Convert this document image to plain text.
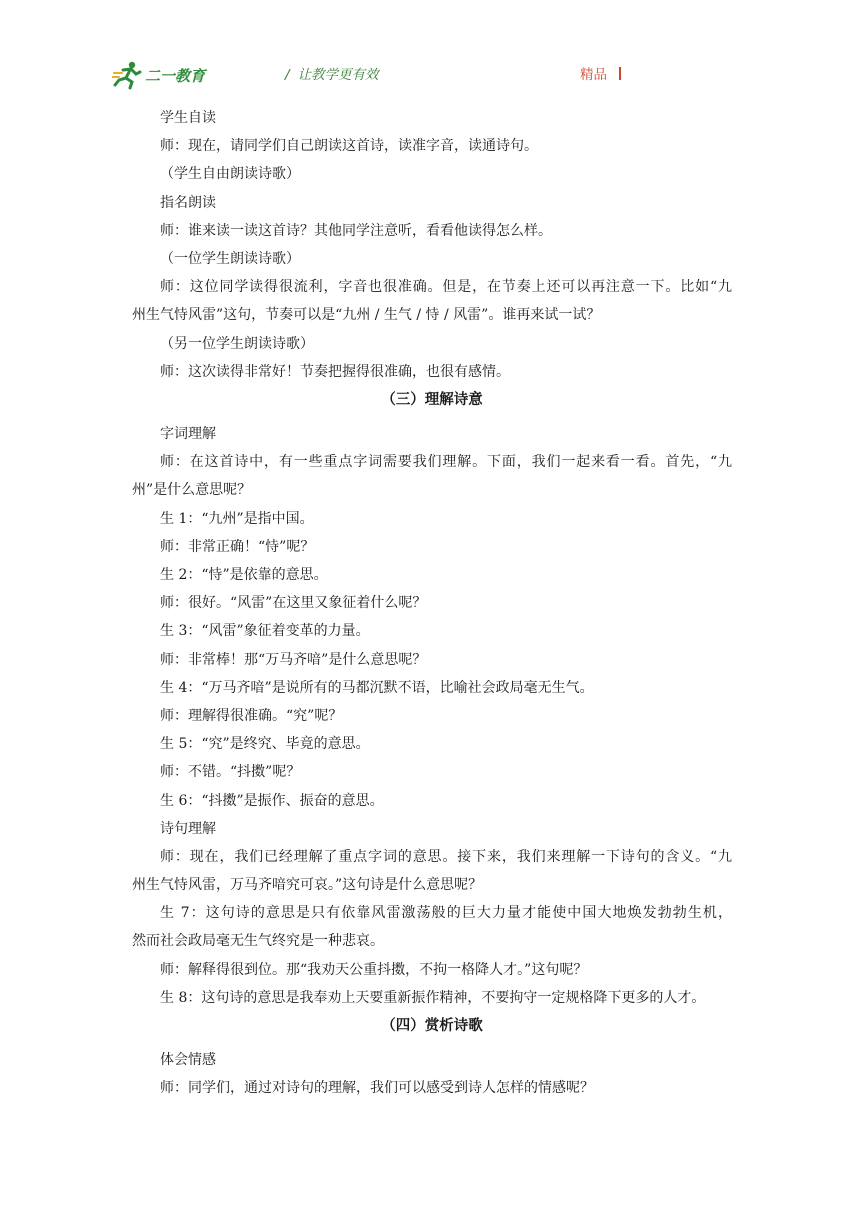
二一教育	/ 让教学更有效	精品
学生自读
师：现在，请同学们自己朗读这首诗，读准字音，读通诗句。
（学生自由朗读诗歌）
指名朗读
师：谁来读一读这首诗？其他同学注意听，看看他读得怎么样。
（一位学生朗读诗歌）
师：这位同学读得很流利，字音也很准确。但是，在节奏上还可以再注意一下。比如“九
州生气恃风雷”这句，节奏可以是“九州 / 生气 / 恃 / 风雷”。谁再来试一试？
（另一位学生朗读诗歌）
师：这次读得非常好！节奏把握得很准确，也很有感情。
（三）理解诗意
字词理解
师：在这首诗中，有一些重点字词需要我们理解。下面，我们一起来看一看。首先，“九
州”是什么意思呢？
生 1：“九州”是指中国。
师：非常正确！“恃”呢？
生 2：“恃”是依靠的意思。
师：很好。“风雷”在这里又象征着什么呢？
生 3：“风雷”象征着变革的力量。
师：非常棒！那“万马齐喑”是什么意思呢？
生 4：“万马齐喑”是说所有的马都沉默不语，比喻社会政局毫无生气。
师：理解得很准确。“究”呢？
生 5：“究”是终究、毕竟的意思。
师：不错。“抖擞”呢？
生 6：“抖擞”是振作、振奋的意思。
诗句理解
师：现在，我们已经理解了重点字词的意思。接下来，我们来理解一下诗句的含义。“九
州生气恃风雷，万马齐喑究可哀。”这句诗是什么意思呢？
生 7：这句诗的意思是只有依靠风雷激荡般的巨大力量才能使中国大地焕发勃勃生机，
然而社会政局毫无生气终究是一种悲哀。
师：解释得很到位。那“我劝天公重抖擞，不拘一格降人才。”这句呢？
生 8：这句诗的意思是我奉劝上天要重新振作精神，不要拘守一定规格降下更多的人才。
（四）赏析诗歌
体会情感
师：同学们，通过对诗句的理解，我们可以感受到诗人怎样的情感呢？
